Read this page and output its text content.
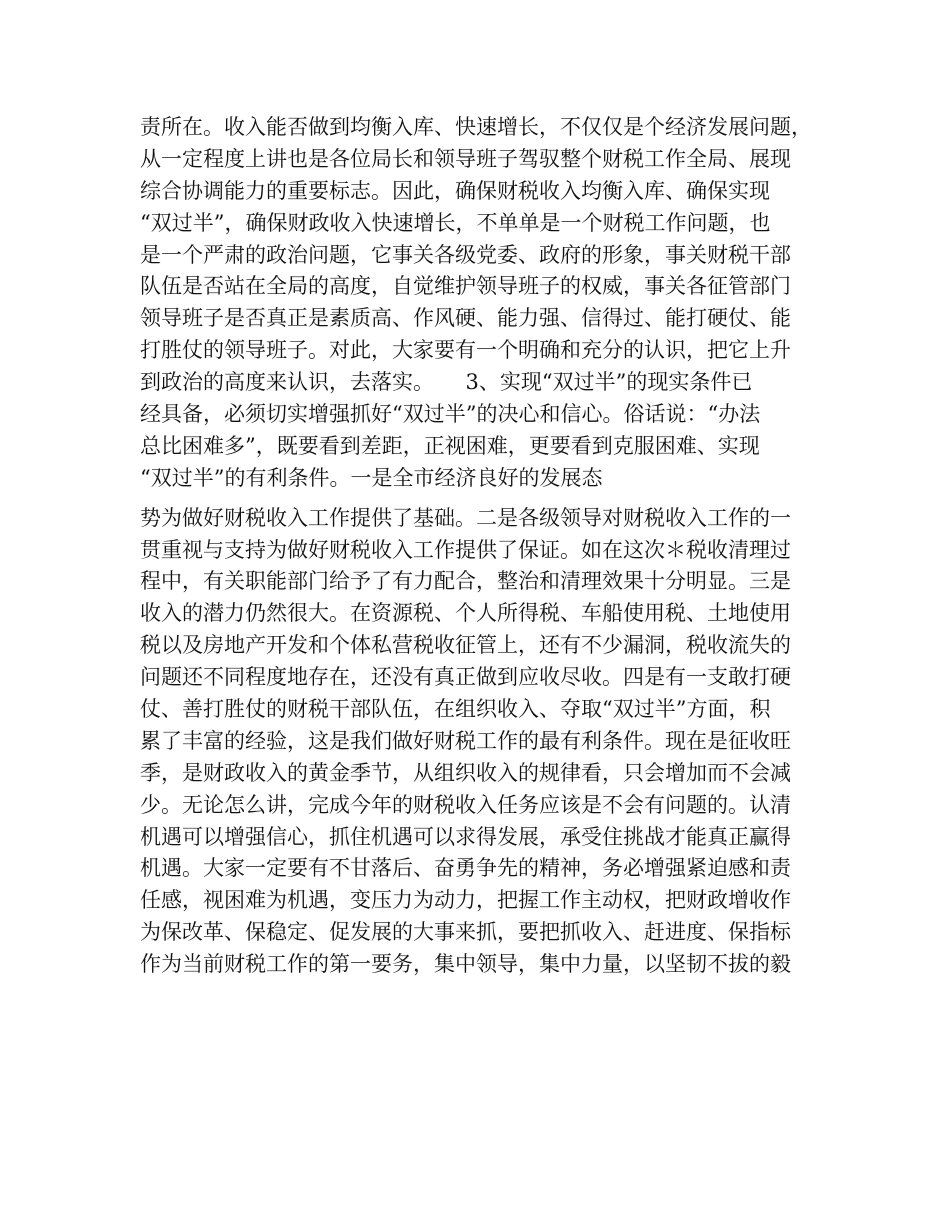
责所在。收入能否做到均衡入库、快速增长，不仅仅是个经济发展问题，
从一定程度上讲也是各位局长和领导班子驾驭整个财税工作全局、展现
综合协调能力的重要标志。因此，确保财税收入均衡入库、确保实现
“双过半”，确保财政收入快速增长，不单单是一个财税工作问题，也
是一个严肃的政治问题，它事关各级党委、政府的形象，事关财税干部
队伍是否站在全局的高度，自觉维护领导班子的权威，事关各征管部门
领导班子是否真正是素质高、作风硬、能力强、信得过、能打硬仗、能
打胜仗的领导班子。对此，大家要有一个明确和充分的认识，把它上升
到政治的高度来认识，去落实。　　3、实现“双过半”的现实条件已
经具备，必须切实增强抓好“双过半”的决心和信心。俗话说：“办法
总比困难多”，既要看到差距，正视困难，更要看到克服困难、实现
“双过半”的有利条件。一是全市经济良好的发展态
势为做好财税收入工作提供了基础。二是各级领导对财税收入工作的一
贯重视与支持为做好财税收入工作提供了保证。如在这次＊税收清理过
程中，有关职能部门给予了有力配合，整治和清理效果十分明显。三是
收入的潜力仍然很大。在资源税、个人所得税、车船使用税、土地使用
税以及房地产开发和个体私营税收征管上，还有不少漏洞，税收流失的
问题还不同程度地存在，还没有真正做到应收尽收。四是有一支敢打硬
仗、善打胜仗的财税干部队伍，在组织收入、夺取“双过半”方面，积
累了丰富的经验，这是我们做好财税工作的最有利条件。现在是征收旺
季，是财政收入的黄金季节，从组织收入的规律看，只会增加而不会减
少。无论怎么讲，完成今年的财税收入任务应该是不会有问题的。认清
机遇可以增强信心，抓住机遇可以求得发展，承受住挑战才能真正赢得
机遇。大家一定要有不甘落后、奋勇争先的精神，务必增强紧迫感和责
任感，视困难为机遇，变压力为动力，把握工作主动权，把财政增收作
为保改革、保稳定、促发展的大事来抓，要把抓收入、赶进度、保指标
作为当前财税工作的第一要务，集中领导，集中力量，以坚韧不拔的毅
